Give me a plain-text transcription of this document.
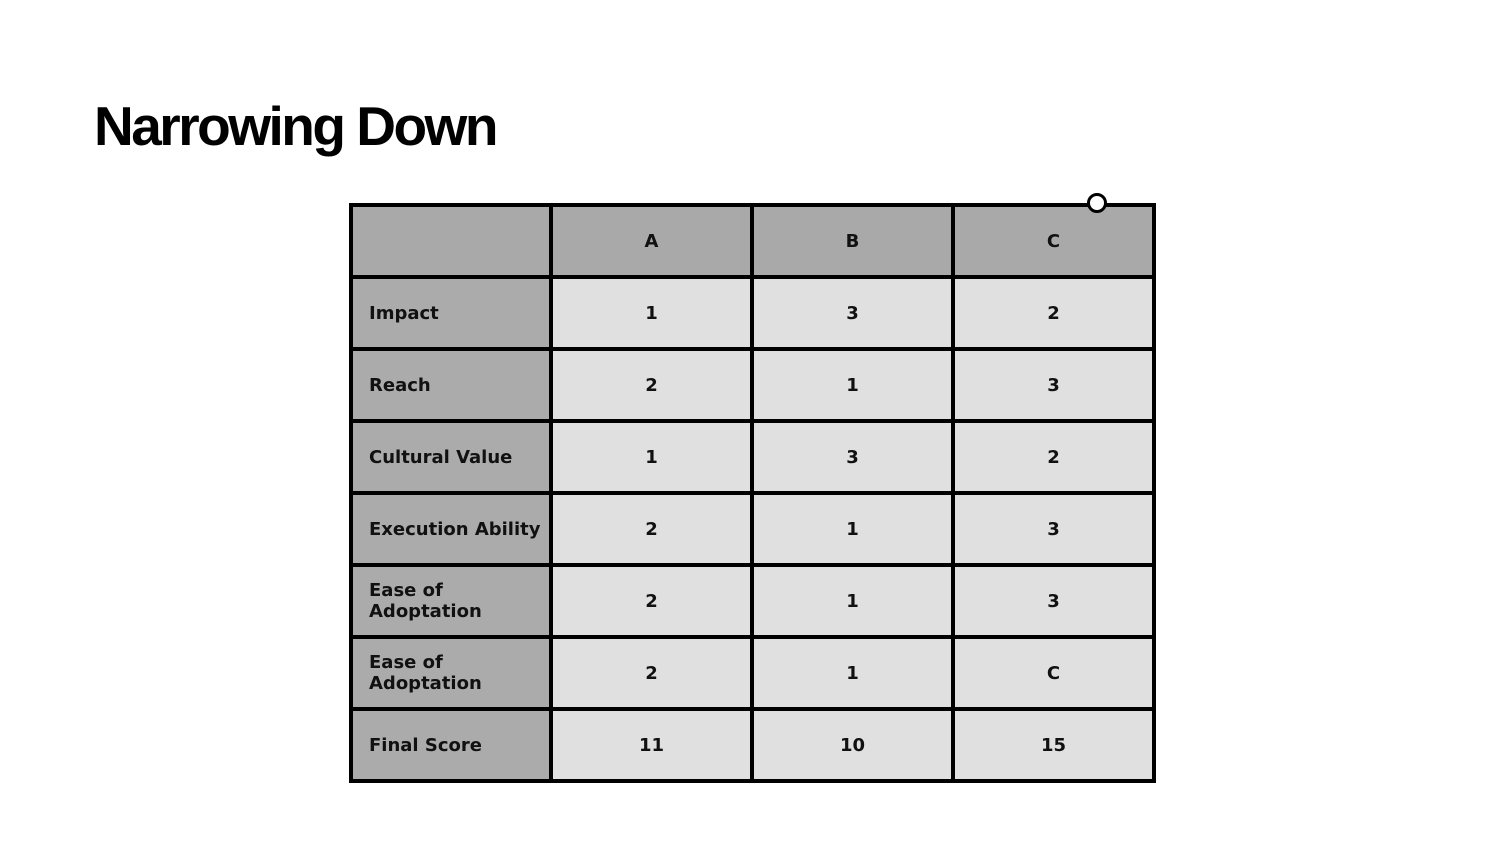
Narrowing Down
	A	B	C
Impact	1	3	2
Reach	2	1	3
Cultural Value	1	3	2
Execution Ability	2	1	3
Ease of Adoptation	2	1	3
Ease of Adoptation	2	1	C
Final Score	11	10	15
